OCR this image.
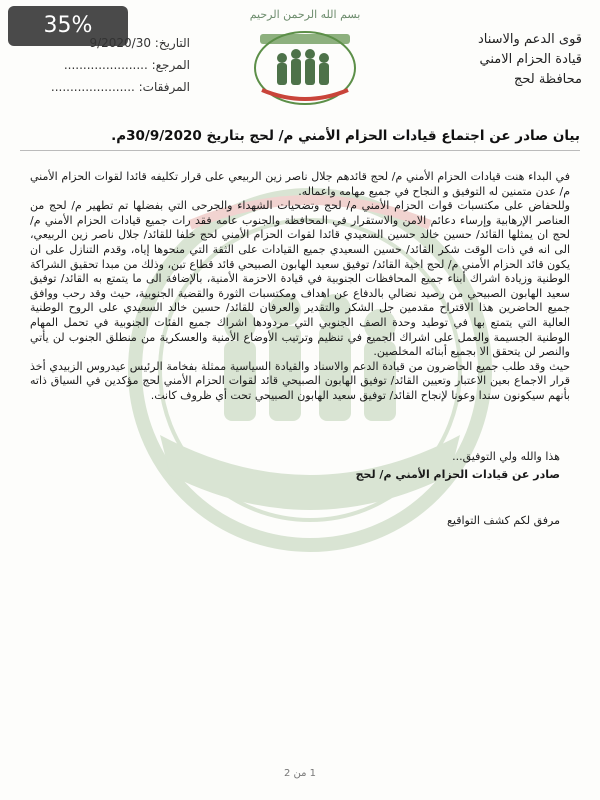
35%	بسم الله الرحمن الرحيم
قوى الدعم والاسناد
قيادة الحزام الامني
محافظة لحج
التاريخ: 9/2020/30
المرجع: ......................
المرفقات: ......................
بيان صادر عن اجتماع قيادات الحزام الأمني م/ لحج بتاريخ 30/9/2020م.

في البداء هنت قيادات الحزام الأمني م/ لحج قائدهم جلال ناصر زين الربيعي على قرار تكليفه قائدا لقوات الحزام الأمني م/ عدن متمنين له التوفيق و النجاح في جميع مهامه واعماله.

وللحفاض على مكتسبات قوات الحزام الأمني م/ لحج وتضحيات الشهداء والجرحى التي بفضلها تم تطهير م/ لحج من العناصر الإرهابية وإرساء دعائم الامن والاستقرار في المحافظة والجنوب عامه فقد رات جميع قيادات الحزام الأمني م/ لحج ان يمثلها القائد/ حسين خالد حسين السعيدي قائدا لقوات الحزام الأمني لحج خلفا للقائد/ جلال ناصر زين الربيعي، الى انه في ذات الوقت شكر القائد/ حسين السعيدي جميع القيادات على الثقة التي منحوها إياه، وقدم التنازل على ان يكون قائد الحزام الأمني م/ لحج اخية القائد/ توفيق سعيد الهابون الصبيحي قائد قطاع تبن، وذلك من مبدا تحقيق الشراكة الوطنية وزيادة اشراك أبناء جميع المحافظات الجنوبية في قيادة الاحزمة الأمنية، بالإضافة الى ما يتمتع به القائد/ توفيق سعيد الهابون الصبيحي من رصيد نضالي بالدفاع عن اهداف ومكتسبات الثورة والقضية الجنوبية، حيث وقد رحب ووافق جميع الحاضرين هذا الاقتراح مقدمين جل الشكر والتقدير والعرفان للقائد/ حسين خالد السعيدي على الروح الوطنية العالية التي يتمتع بها في توطيد وحدة الصف الجنوبي التي مردودها اشراك جميع الفئات الجنوبية في تحمل المهام الوطنية الجسيمة والعمل على اشراك الجميع في تنظيم وترتيب الأوضاع الأمنية والعسكرية من منطلق الجنوب لن يأتي والنصر لن يتحقق الا بجميع أبنائه المخلصين.

حيث وقد طلب جميع الحاضرون من قيادة الدعم والاسناد والقيادة السياسية ممثلة بفخامة الرئيس عيدروس الزبيدي أخذ قرار الاجماع بعين الاعتبار وتعيين القائد/ توفيق الهابون الصبيحي قائد لقوات الحزام الأمني لحج مؤكدين في السياق ذاته بأنهم سيكونون سندا وعونا لإنجاح القائد/ توفيق سعيد الهابون الصبيحي تحت أي ظروف كانت.

هذا والله ولي التوفيق...
صادر عن قيادات الحزام الأمني م/ لحج
مرفق لكم كشف التواقيع
1 من 2
